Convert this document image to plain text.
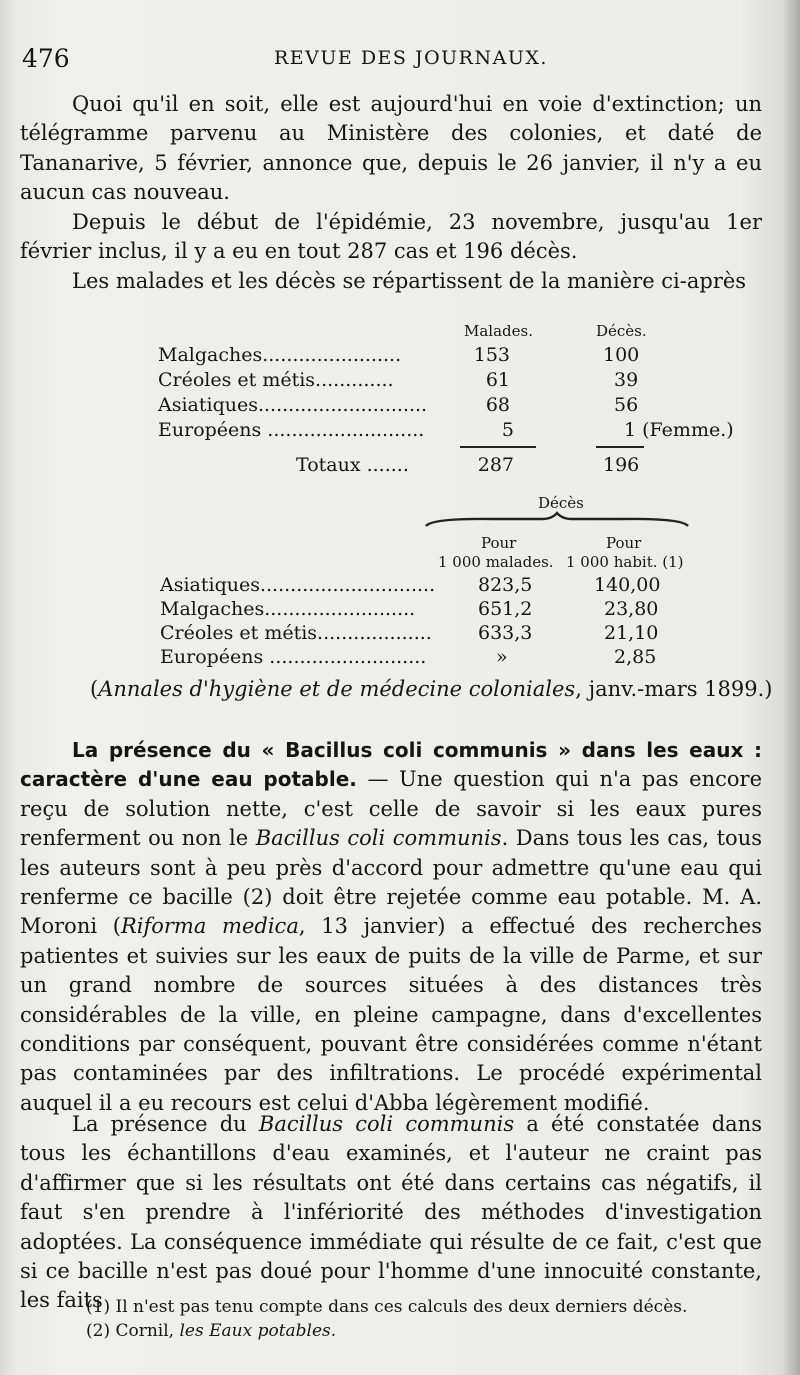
476	REVUE DES JOURNAUX.
Quoi qu'il en soit, elle est aujourd'hui en voie d'extinction; un télégramme parvenu au Ministère des colonies, et daté de Tananarive, 5 février, annonce que, depuis le 26 janvier, il n'y a eu aucun cas nouveau.
Depuis le début de l'épidémie, 23 novembre, jusqu'au 1er février inclus, il y a eu en tout 287 cas et 196 décès.
Les malades et les décès se répartissent de la manière ci-après
Malades.	Décès.
Malgaches.......................	153	100
Créoles et métis.............	61	39
Asiatiques............................	68	56
Européens ..........................	5	1 (Femme.)
Totaux .......	287	196
Décès
Pour
1 000 malades.
Pour
1 000 habit. (1)
Asiatiques............................. 823,5	140,00
Malgaches.........................	651,2	23,80
Créoles et métis................... 633,3	21,10
Européens ..........................	»	2,85
(Annales d'hygiène et de médecine coloniales, janv.-mars 1899.)
La présence du « Bacillus coli communis » dans les eaux : caractère d'une eau potable. — Une question qui n'a pas encore reçu de solution nette, c'est celle de savoir si les eaux pures renferment ou non le Bacillus coli communis. Dans tous les cas, tous les auteurs sont à peu près d'accord pour admettre qu'une eau qui renferme ce bacille (2) doit être rejetée comme eau potable. M. A. Moroni (Riforma medica, 13 janvier) a effectué des recherches patientes et suivies sur les eaux de puits de la ville de Parme, et sur un grand nombre de sources situées à des distances très considérables de la ville, en pleine campagne, dans d'excellentes conditions par conséquent, pouvant être considérées comme n'étant pas contaminées par des infiltrations. Le procédé expérimental auquel il a eu recours est celui d'Abba légèrement modifié.
La présence du Bacillus coli communis a été constatée dans tous les échantillons d'eau examinés, et l'auteur ne craint pas d'affirmer que si les résultats ont été dans certains cas négatifs, il faut s'en prendre à l'infériorité des méthodes d'investigation adoptées. La conséquence immédiate qui résulte de ce fait, c'est que si ce bacille n'est pas doué pour l'homme d'une innocuité constante, les faits
(1) Il n'est pas tenu compte dans ces calculs des deux derniers décès.
(2) Cornil, les Eaux potables.
